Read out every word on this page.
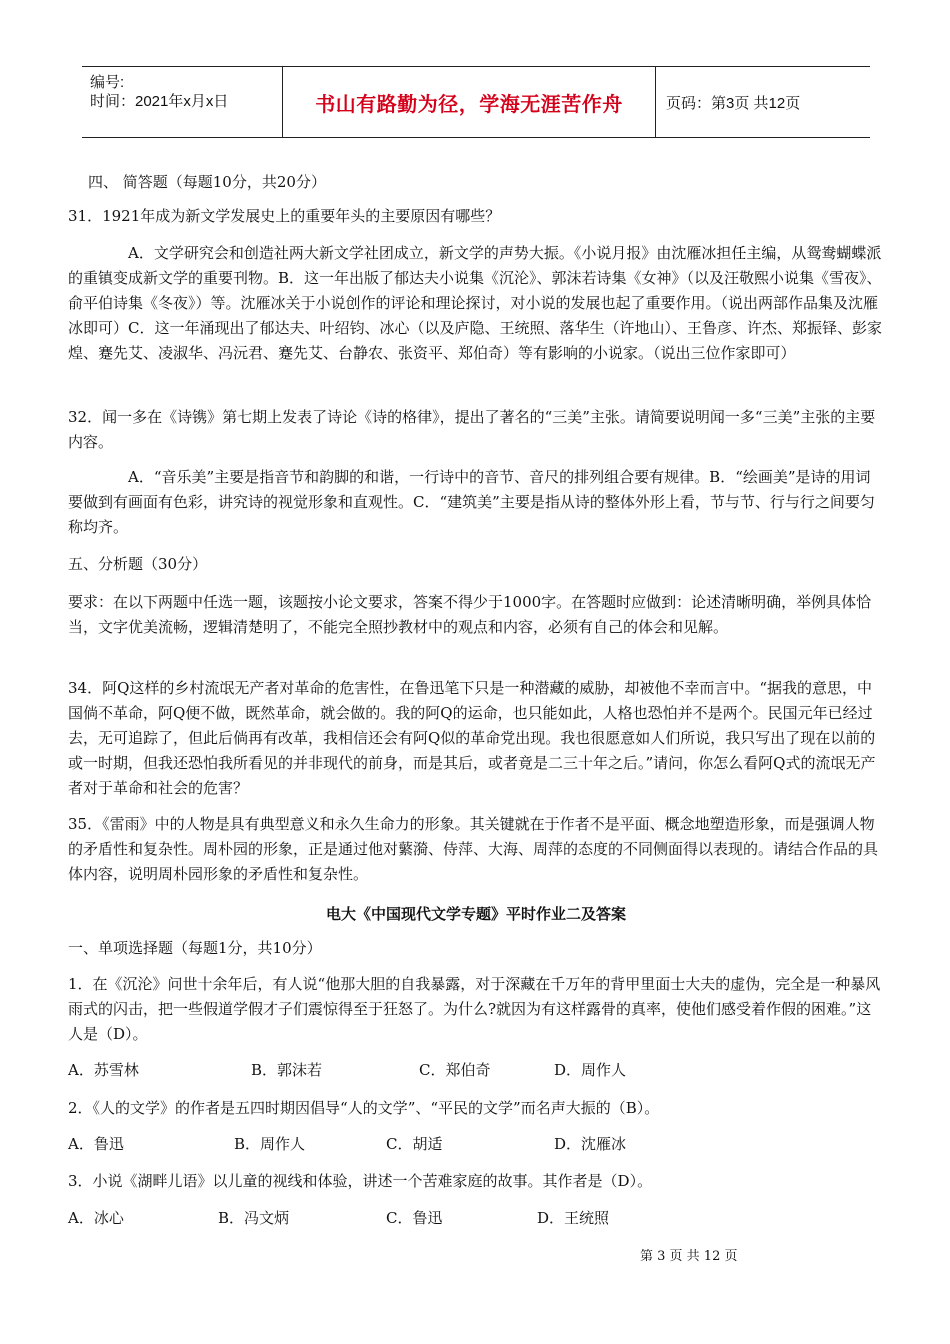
编号:
时间：2021年x月x日	书山有路勤为径，学海无涯苦作舟	页码：第3页 共12页

四、 简答题（每题10分，共20分）

31．1921年成为新文学发展史上的重要年头的主要原因有哪些？

A．文学研究会和创造社两大新文学社团成立，新文学的声势大振。《小说月报》由沈雁冰担任主编，从鸳鸯蝴蝶派的重镇变成新文学的重要刊物。B．这一年出版了郁达夫小说集《沉沦》、郭沫若诗集《女神》（以及汪敬熙小说集《雪夜》、俞平伯诗集《冬夜》）等。沈雁冰关于小说创作的评论和理论探讨，对小说的发展也起了重要作用。（说出两部作品集及沈雁冰即可）C．这一年涌现出了郁达夫、叶绍钧、冰心（以及庐隐、王统照、落华生（许地山）、王鲁彦、许杰、郑振铎、彭家煌、蹇先艾、凌淑华、冯沅君、蹇先艾、台静农、张资平、郑伯奇）等有影响的小说家。（说出三位作家即可）

32．闻一多在《诗镌》第七期上发表了诗论《诗的格律》，提出了著名的“三美”主张。请简要说明闻一多“三美”主张的主要内容。

A．“音乐美”主要是指音节和韵脚的和谐，一行诗中的音节、音尺的排列组合要有规律。B．“绘画美”是诗的用词要做到有画面有色彩，讲究诗的视觉形象和直观性。C．“建筑美”主要是指从诗的整体外形上看，节与节、行与行之间要匀称均齐。

五、分析题（30分）

要求：在以下两题中任选一题，该题按小论文要求，答案不得少于1000字。在答题时应做到：论述清晰明确，举例具体恰当，文字优美流畅，逻辑清楚明了，不能完全照抄教材中的观点和内容，必须有自己的体会和见解。

34．阿Q这样的乡村流氓无产者对革命的危害性，在鲁迅笔下只是一种潜藏的威胁，却被他不幸而言中。“据我的意思，中国倘不革命，阿Q便不做，既然革命，就会做的。我的阿Q的运命，也只能如此，人格也恐怕并不是两个。民国元年已经过去，无可追踪了，但此后倘再有改革，我相信还会有阿Q似的革命党出现。我也很愿意如人们所说，我只写出了现在以前的或一时期，但我还恐怕我所看见的并非现代的前身，而是其后，或者竟是二三十年之后。”请问，你怎么看阿Q式的流氓无产者对于革命和社会的危害？

35．《雷雨》中的人物是具有典型意义和永久生命力的形象。其关键就在于作者不是平面、概念地塑造形象，而是强调人物的矛盾性和复杂性。周朴园的形象，正是通过他对蘩漪、侍萍、大海、周萍的态度的不同侧面得以表现的。请结合作品的具体内容，说明周朴园形象的矛盾性和复杂性。

电大《中国现代文学专题》平时作业二及答案

一、单项选择题（每题1分，共10分）

1．在《沉沦》问世十余年后，有人说“他那大胆的自我暴露，对于深藏在千万年的背甲里面士大夫的虚伪，完全是一种暴风雨式的闪击，把一些假道学假才子们震惊得至于狂怒了。为什么?就因为有这样露骨的真率，使他们感受着作假的困难。”这人是（D）。

A．苏雪林	B．郭沫若	C．郑伯奇	D．周作人

2．《人的文学》的作者是五四时期因倡导“人的文学”、“平民的文学”而名声大振的（B）。

A．鲁迅	B．周作人	C．胡适	D．沈雁冰

3．小说《湖畔儿语》以儿童的视线和体验，讲述一个苦难家庭的故事。其作者是（D）。

A．冰心	B．冯文炳	C．鲁迅	D．王统照
第 3 页 共 12 页
